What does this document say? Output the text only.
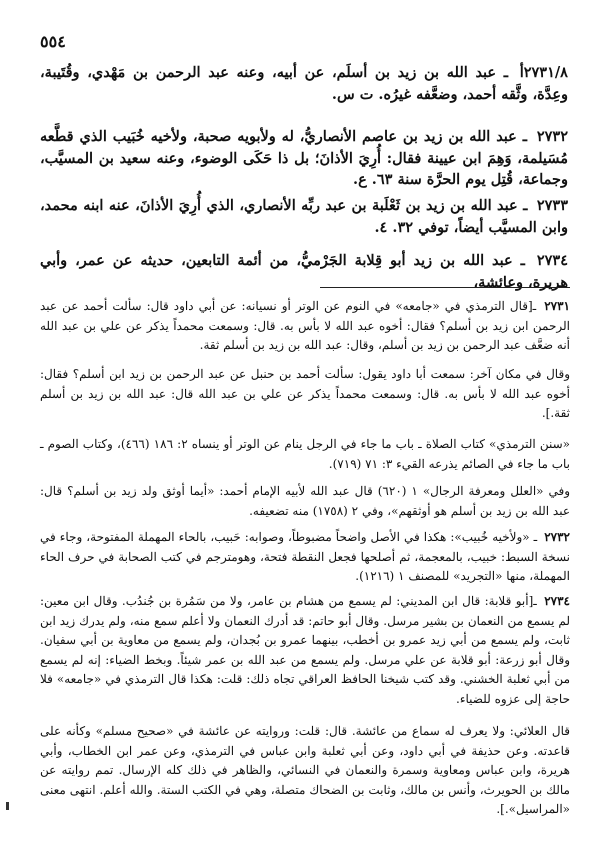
٥٥٤
٢٧٣١/٨أ ـ عبد الله بن زيد بن أسلَم، عن أبيه، وعنه عبد الرحمن بن مَهْدي، وقُتَيبة، وعِدَّة، وثَّقه أحمد، وضعَّفه غيرُه. ت س.
٢٧٣٢ ـ عبد الله بن زيد بن عاصم الأنصاريُّ، له ولأبويه صحبة، ولأخيه خُبَيب الذي قطَّعه مُسَيلمة، وَهِمَ ابن عيينة فقال: أُرِيَ الأذانَ؛ بل ذا حَكَى الوضوء، وعنه سعيد بن المسيَّب، وجماعة، قُتِل يوم الحرَّة سنة ٦٣. ع.
٢٧٣٣ ـ عبد الله بن زيد بن ثَعْلَبة بن عبد ربِّه الأنصاري، الذي أُرِيَ الأذانَ، عنه ابنه محمد، وابن المسيَّب أيضاً، توفي ٣٢. ٤.
٢٧٣٤ ـ عبد الله بن زيد أبو قِلابة الجَرْميُّ، من أئمة التابعين، حديثه عن عمر، وأبي هريرة، وعائشة،
٢٧٣١ ـ[قال الترمذي في «جامعه» في النوم عن الوتر أو نسيانه: عن أبي داود قال: سألت أحمد عن عبد الرحمن ابن زيد بن أسلم؟ فقال: أخوه عبد الله لا بأس به. قال: وسمعت محمداً يذكر عن علي بن عبد الله أنه ضعَّف عبد الرحمن بن زيد بن أسلم، وقال: عبد الله بن زيد بن أسلم ثقة.
وقال في مكان آخر: سمعت أبا داود يقول: سألت أحمد بن حنبل عن عبد الرحمن بن زيد ابن أسلم؟ فقال: أخوه عبد الله لا بأس به. قال: وسمعت محمداً يذكر عن علي بن عبد الله قال: عبد الله بن زيد بن أسلم ثقة.].
«سنن الترمذي» كتاب الصلاة ـ باب ما جاء في الرجل ينام عن الوتر أو ينساه ٢: ١٨٦ (٤٦٦)، وكتاب الصوم ـ باب ما جاء في الصائم يذرعه القيء ٣: ٧١ (٧١٩).
وفي «العلل ومعرفة الرجال» ١ (٦٢٠) قال عبد الله لأبيه الإمام أحمد: «أيما أوثق ولد زيد بن أسلم؟ قال: عبد الله بن زيد بن أسلم هو أوثقهم»، وفي ٢ (١٧٥٨) منه تضعيفه.
٢٧٣٢ ـ «ولأخيه خُبيب»: هكذا في الأصل واضحاً مضبوطاً، وصوابه: حَبيب، بالحاء المهملة المفتوحة، وجاء في نسخة السبط: خبيب، بالمعجمة، ثم أصلحها فجعل النقطة فتحة، وهومترجم في كتب الصحابة في حرف الحاء المهملة، منها «التجريد» للمصنف ١ (١٢١٦).
٢٧٣٤ ـ[أبو قلابة: قال ابن المديني: لم يسمع من هشام بن عامر، ولا من سَمُرة بن جُندُب. وقال ابن معين: لم يسمع من النعمان بن بشير مرسل. وقال أبو حاتم: قد أدرك النعمان ولا أعلم سمع منه، ولم يدرك زيد ابن ثابت، ولم يسمع من أبي زيد عمرو بن أخطب، بينهما عمرو بن بُجدان، ولم يسمع من معاوية بن أبي سفيان. وقال أبو زرعة: أبو قلابة عن علي مرسل. ولم يسمع من عبد الله بن عمر شيئاً. وبخط الضياء: إنه لم يسمع من أبي ثعلبة الخشني. وقد كتب شيخنا الحافظ العراقي تجاه ذلك: قلت: هكذا قال الترمذي في «جامعه» فلا حاجة إلى عزوه للضياء.
قال العلائي: ولا يعرف له سماع من عائشة. قال: قلت: وروايته عن عائشة في «صحيح مسلم» وكأنه على قاعدته. وعن حذيفة في أبي داود، وعن أبي ثعلبة وابن عباس في الترمذي، وعن عمر ابن الخطاب، وأبي هريرة، وابن عباس ومعاوية وسمرة والنعمان في النسائي، والظاهر في ذلك كله الإرسال. تمم روايته عن مالك بن الحويرث، وأنس بن مالك، وثابت بن الضحاك متصلة، وهي في الكتب الستة. والله أعلم. انتهى معنى «المراسيل».].
